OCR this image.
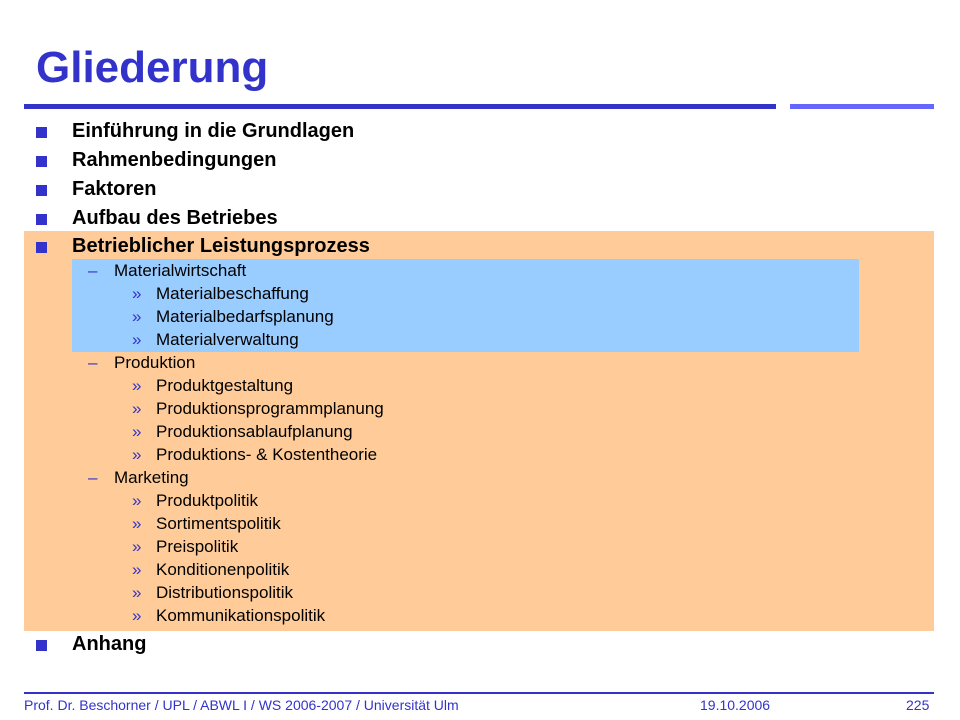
Gliederung
Einführung in die Grundlagen
Rahmenbedingungen
Faktoren
Aufbau des Betriebes
Betrieblicher Leistungsprozess
– Materialwirtschaft
» Materialbeschaffung
» Materialbedarfsplanung
» Materialverwaltung
– Produktion
» Produktgestaltung
» Produktionsprogrammplanung
» Produktionsablaufplanung
» Produktions- & Kostentheorie
– Marketing
» Produktpolitik
» Sortimentspolitik
» Preispolitik
» Konditionenpolitik
» Distributionspolitik
» Kommunikationspolitik
Anhang
Prof. Dr. Beschorner / UPL / ABWL I / WS 2006-2007 / Universität Ulm	19.10.2006	225
